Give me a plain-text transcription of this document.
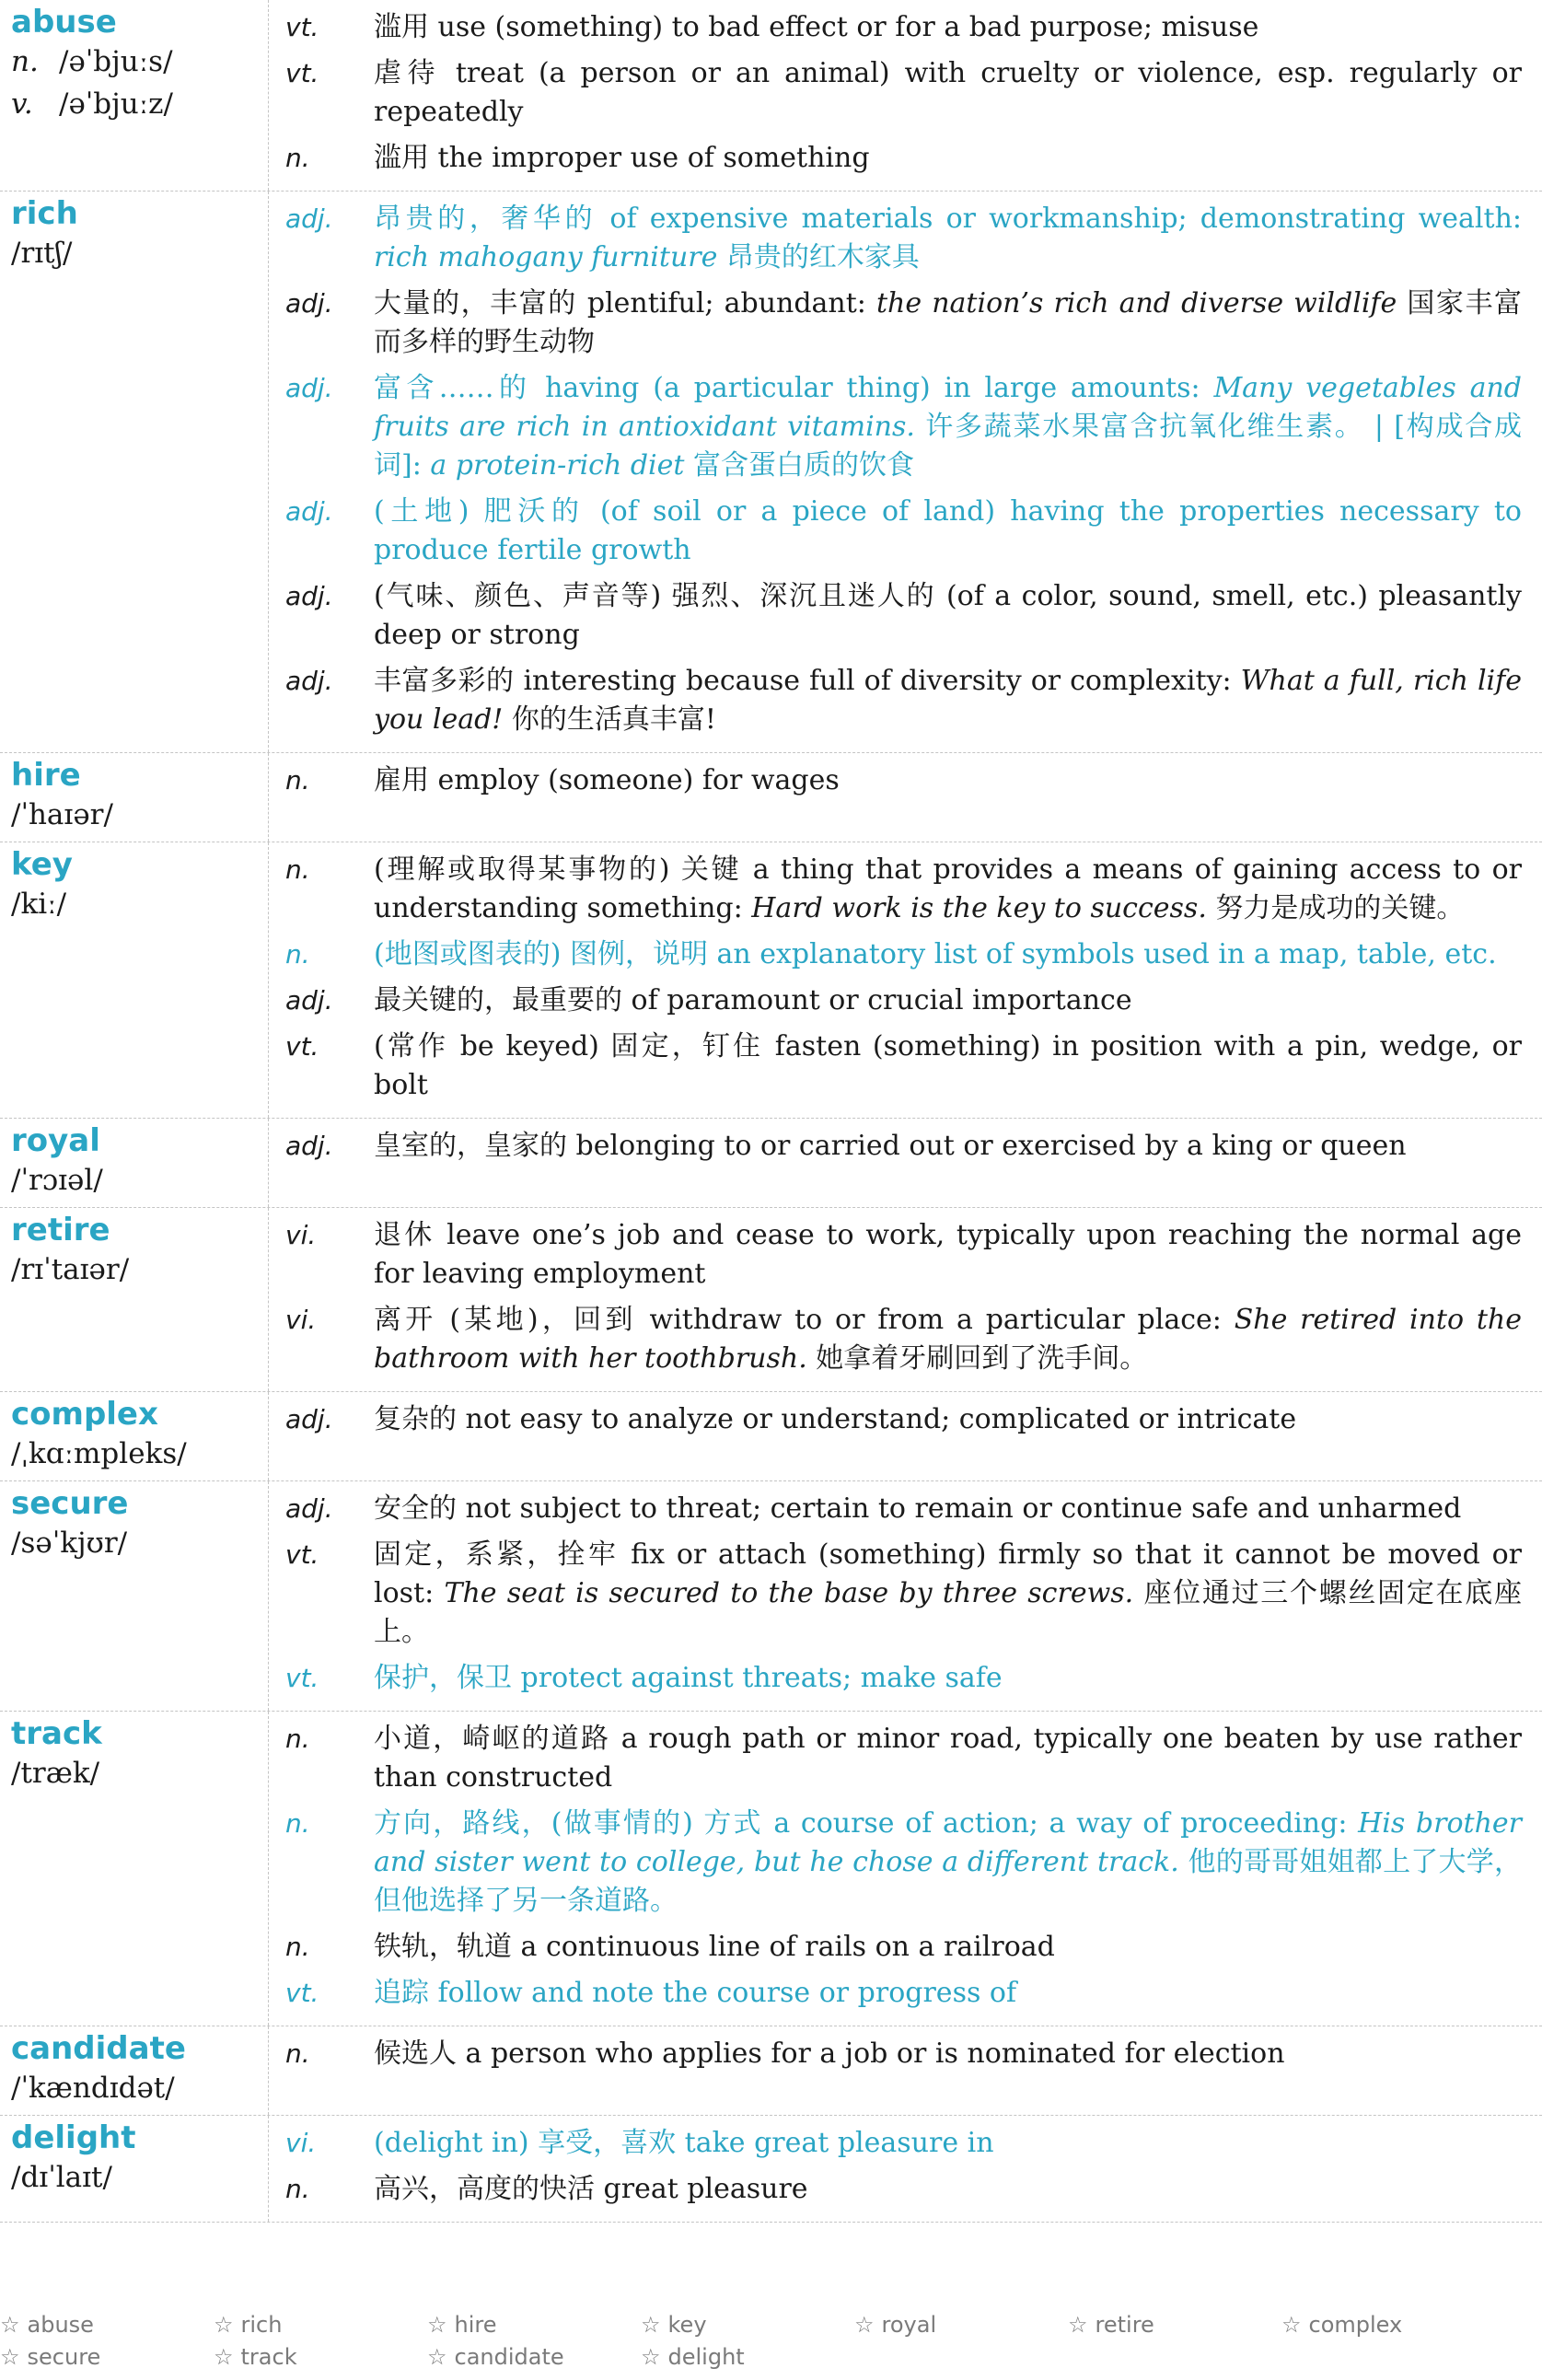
abuse
n. /əˈbjuːs/
v. /əˈbjuːz/
vt.	滥用 use (something) to bad effect or for a bad purpose; misuse
vt.	虐待 treat (a person or an animal) with cruelty or violence, esp. regularly or repeatedly
n.	滥用 the improper use of something
rich
/rɪtʃ/
adj.	昂贵的，奢华的 of expensive materials or workmanship; demonstrating wealth: rich mahogany furniture 昂贵的红木家具
adj.	大量的，丰富的 plentiful; abundant: the nation’s rich and diverse wildlife 国家丰富而多样的野生动物
adj.	富含……的 having (a particular thing) in large amounts: Many vegetables and fruits are rich in antioxidant vitamins. 许多蔬菜水果富含抗氧化维生素。 | [构成合成词]: a protein-rich diet 富含蛋白质的饮食
adj.	(土地) 肥沃的 (of soil or a piece of land) having the properties necessary to produce fertile growth
adj.	(气味、颜色、声音等) 强烈、深沉且迷人的 (of a color, sound, smell, etc.) pleasantly deep or strong
adj.	丰富多彩的 interesting because full of diversity or complexity: What a full, rich life you lead! 你的生活真丰富!
hire
/ˈhaɪər/
n.	雇用 employ (someone) for wages
key
/kiː/
n.	(理解或取得某事物的) 关键 a thing that provides a means of gaining access to or understanding something: Hard work is the key to success. 努力是成功的关键。
n.	(地图或图表的) 图例，说明 an explanatory list of symbols used in a map, table, etc.
adj.	最关键的，最重要的 of paramount or crucial importance
vt.	(常作 be keyed) 固定，钉住 fasten (something) in position with a pin, wedge, or bolt
royal
/ˈrɔɪəl/
adj.	皇室的，皇家的 belonging to or carried out or exercised by a king or queen
retire
/rɪˈtaɪər/
vi.	退休 leave one’s job and cease to work, typically upon reaching the normal age for leaving employment
vi.	离开 (某地)，回到 withdraw to or from a particular place: She retired into the bathroom with her toothbrush. 她拿着牙刷回到了洗手间。
complex
/ˌkɑːmpleks/
adj.	复杂的 not easy to analyze or understand; complicated or intricate
secure
/səˈkjʊr/
adj.	安全的 not subject to threat; certain to remain or continue safe and unharmed
vt.	固定，系紧，拴牢 fix or attach (something) firmly so that it cannot be moved or lost: The seat is secured to the base by three screws. 座位通过三个螺丝固定在底座上。
vt.	保护，保卫 protect against threats; make safe
track
/træk/
n.	小道，崎岖的道路 a rough path or minor road, typically one beaten by use rather than constructed
n.	方向，路线，(做事情的) 方式 a course of action; a way of proceeding: His brother and sister went to college, but he chose a different track. 他的哥哥姐姐都上了大学，但他选择了另一条道路。
n.	铁轨，轨道 a continuous line of rails on a railroad
vt.	追踪 follow and note the course or progress of
candidate
/ˈkændɪdət/
n.	候选人 a person who applies for a job or is nominated for election
delight
/dɪˈlaɪt/
vi.	(delight in) 享受，喜欢 take great pleasure in
n.	高兴，高度的快活 great pleasure
☆ abuse	☆ rich	☆ hire	☆ key	☆ royal	☆ retire	☆ complex
☆ secure	☆ track	☆ candidate	☆ delight
